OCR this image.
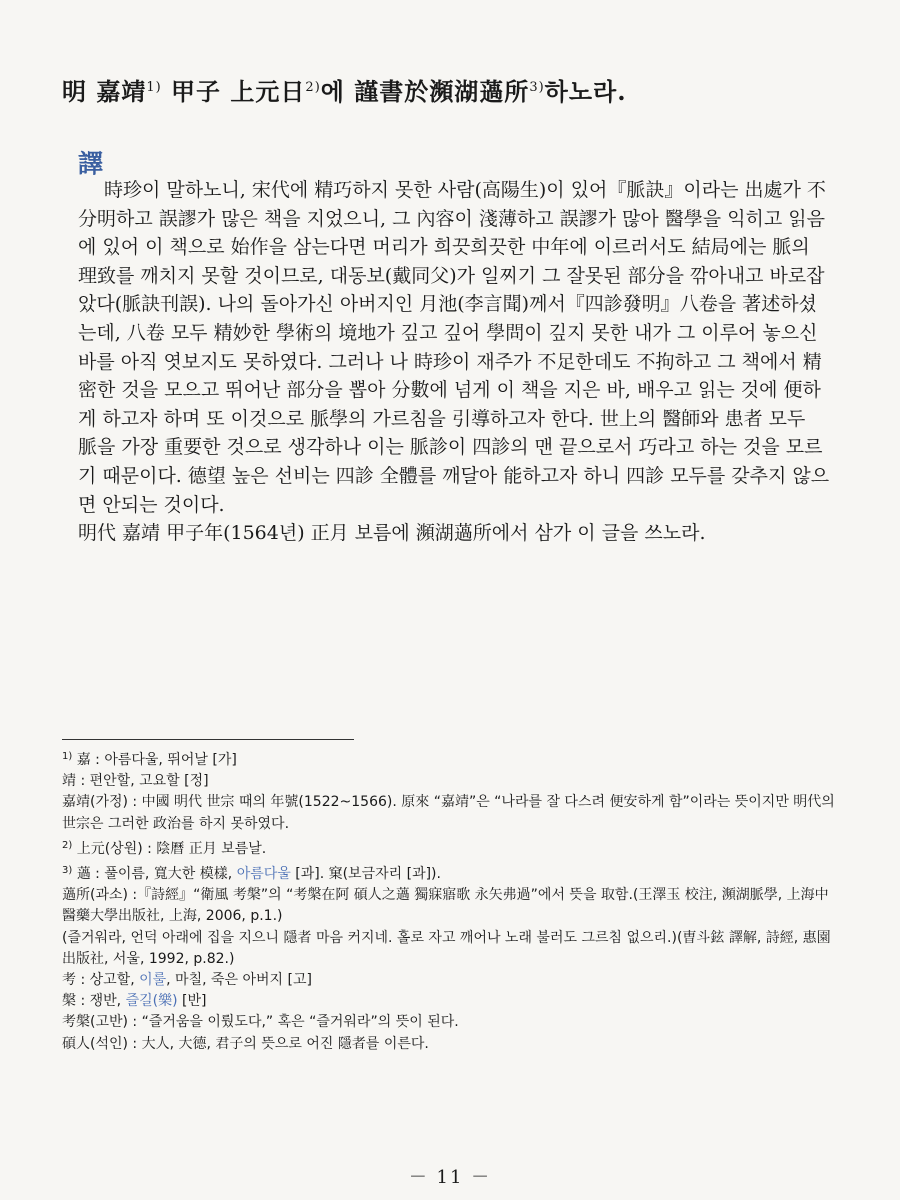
明 嘉靖$^{1)}$ 甲子 上元日$^{2)}$에 謹書於瀕湖薖所$^{3)}$하노라.
譯

時珍이 말하노니, 宋代에 精巧하지 못한 사람(高陽生)이 있어『脈訣』이라는 出處가 不分明하고 誤謬가 많은 책을 지었으니, 그 內容이 淺薄하고 誤謬가 많아 醫學을 익히고 읽음에 있어 이 책으로 始作을 삼는다면 머리가 희끗희끗한 中年에 이르러서도 結局에는 脈의 理致를 깨치지 못할 것이므로, 대동보(戴同父)가 일찌기 그 잘못된 部分을 깎아내고 바로잡았다(脈訣刊誤). 나의 돌아가신 아버지인 月池(李言聞)께서『四診發明』八卷을 著述하셨는데, 八卷 모두 精妙한 學術의 境地가 깊고 깊어 學問이 깊지 못한 내가 그 이루어 놓으신 바를 아직 엿보지도 못하였다. 그러나 나 時珍이 재주가 不足한데도 不拘하고 그 책에서 精密한 것을 모으고 뛰어난 部分을 뽑아 分數에 넘게 이 책을 지은 바, 배우고 읽는 것에 便하게 하고자 하며 또 이것으로 脈學의 가르침을 引導하고자 한다. 世上의 醫師와 患者 모두 脈을 가장 重要한 것으로 생각하나 이는 脈診이 四診의 맨 끝으로서 巧라고 하는 것을 모르기 때문이다. 德望 높은 선비는 四診 全體를 깨달아 能하고자 하니 四診 모두를 갖추지 않으면 안되는 것이다.

明代 嘉靖 甲子年(1564년) 正月 보름에 瀕湖薖所에서 삼가 이 글을 쓰노라.

$^{1)}$ 嘉 : 아름다울, 뛰어날 [가]

靖 : 편안할, 고요할 [정]

嘉靖(가정) : 中國 明代 世宗 때의 年號(1522~1566). 原來 “嘉靖”은 “나라를 잘 다스려 便安하게 함”이라는 뜻이지만 明代의 世宗은 그러한 政治를 하지 못하였다.

$^{2)}$ 上元(상원) : 陰曆 正月 보름날.

$^{3)}$ 薖 : 풀이름, 寬大한 模樣, 아름다울 [과]. 窠(보금자리 [과]).

薖所(과소) :『詩經』“衛風 考槃”의 “考槃在阿 碩人之薖 獨寐寤歌 永矢弗過”에서 뜻을 取함.(王澤玉 校注, 瀕湖脈學, 上海中醫藥大學出版社, 上海, 2006, p.1.)

(즐거워라, 언덕 아래에 집을 지으니 隱者 마음 커지네. 홀로 자고 깨어나 노래 불러도 그르침 없으리.)(曺斗鉉 譯解, 詩經, 惠園出版社, 서울, 1992, p.82.)

考 : 상고할, 이룰, 마칠, 죽은 아버지 [고]

槃 : 쟁반, 즐길(樂) [반]

考槃(고반) : “즐거움을 이뤘도다,” 혹은 “즐거워라”의 뜻이 된다.

碩人(석인) : 大人, 大德, 君子의 뜻으로 어진 隱者를 이른다.

－ 11 －
